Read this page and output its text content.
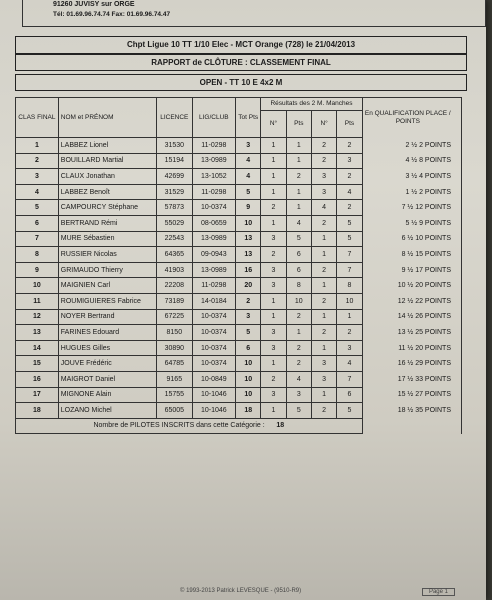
91260 JUVISY sur ORGE
Tél: 01.69.96.74.74 Fax: 01.69.96.74.47
Chpt Ligue 10 TT 1/10 Elec - MCT Orange (728) le 21/04/2013
RAPPORT de CLÔTURE : CLASSEMENT FINAL
OPEN - TT 10 E 4x2 M
CLAS FINAL	NOM et PRÉNOM	LICENCE	LIG/CLUB	Tot Pts	Résultats des 2 M. Manches				En QUALIFICATION PLACE / POINTS
					N°	Pts	N°	Pts	
1	LABBEZ Lionel	31530	11-0298	3	1	1	2	2	2 ½ 2 POINTS
2	BOUILLARD Martial	15194	13-0989	4	1	1	2	3	4 ½ 8 POINTS
3	CLAUX Jonathan	42699	13-1052	4	1	2	3	2	3 ½ 4 POINTS
4	LABBEZ Benoît	31529	11-0298	5	1	1	3	4	1 ½ 2 POINTS
5	CAMPOURCY Stéphane	57873	10-0374	9	2	1	4	2	7 ½ 12 POINTS
6	BERTRAND Rémi	55029	08-0659	10	1	4	2	5	5 ½ 9 POINTS
7	MURE Sébastien	22543	13-0989	13	3	5	1	5	6 ½ 10 POINTS
8	RUSSIER Nicolas	64365	09-0943	13	2	6	1	7	8 ½ 15 POINTS
9	GRIMAUDO Thierry	41903	13-0989	16	3	6	2	7	9 ½ 17 POINTS
10	MAIGNIEN Carl	22208	11-0298	20	3	8	1	8	10 ½ 20 POINTS
11	ROUMIGUIERES Fabrice	73189	14-0184	2	1	10	2	10	12 ½ 22 POINTS
12	NOYER Bertrand	67225	10-0374	3	1	2	1	1	14 ½ 26 POINTS
13	FARINES Edouard	8150	10-0374	5	3	1	2	2	13 ½ 25 POINTS
14	HUGUES Gilles	30890	10-0374	6	3	2	1	3	11 ½ 20 POINTS
15	JOUVE Frédéric	64785	10-0374	10	1	2	3	4	16 ½ 29 POINTS
16	MAIGROT Daniel	9165	10-0849	10	2	4	3	7	17 ½ 33 POINTS
17	MIGNONE Alain	15755	10-1046	10	3	3	1	6	15 ½ 27 POINTS
18	LOZANO Michel	65005	10-1046	18	1	5	2	5	18 ½ 35 POINTS
Nombre de PILOTES INSCRITS dans cette Catégorie : 18									
© 1993-2013 Patrick LEVESQUE - (9510-R9)	Page 1
